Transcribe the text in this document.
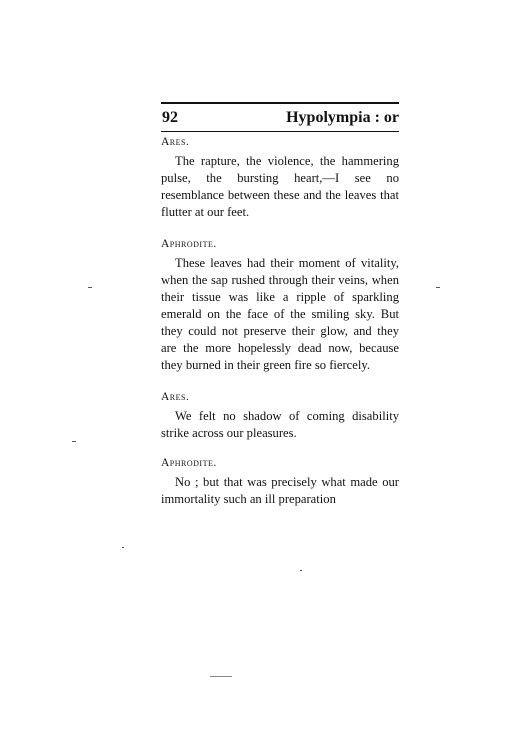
92	Hypolympia : or

Ares.

The rapture, the violence, the hammering pulse, the bursting heart,—I see no resemblance between these and the leaves that flutter at our feet.

Aphrodite.

These leaves had their moment of vitality, when the sap rushed through their veins, when their tissue was like a ripple of sparkling emerald on the face of the smiling sky. But they could not preserve their glow, and they are the more hopelessly dead now, because they burned in their green fire so fiercely.

Ares.

We felt no shadow of coming disability strike across our pleasures.

Aphrodite.

No ; but that was precisely what made our immortality such an ill preparation
